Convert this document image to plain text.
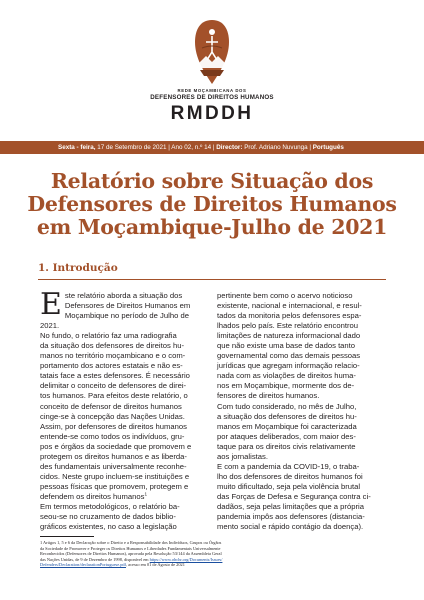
REDE MOÇAMBICANA DOS
DEFENSORES DE DIREITOS HUMANOS
RMDDH
Sexta - feira, 17 de Setembro de 2021 | Ano 02, n.º 14 | Director: Prof. Adriano Nuvunga | Português
Relatório sobre Situação dos
Defensores de Direitos Humanos
em Moçambique-Julho de 2021
1. Introdução
Este relatório aborda a situação dos
Defensores de Direitos Humanos em
Moçambique no período de Julho de
2021.
No fundo, o relatório faz uma radiografia
da situação dos defensores de direitos hu-
manos no território moçambicano e o com-
portamento dos actores estatais e não es-
tatais face a estes defensores. É necessário
delimitar o conceito de defensores de direi-
tos humanos. Para efeitos deste relatório, o
conceito de defensor de direitos humanos
cinge-se à concepção das Nações Unidas.
Assim, por defensores de direitos humanos
entende-se como todos os indivíduos, gru-
pos e órgãos da sociedade que promovem e
protegem os direitos humanos e as liberda-
des fundamentais universalmente reconhe-
cidos. Neste grupo incluem-se instituições e
pessoas físicas que promovem, protegem e
defendem os direitos humanos$^1$
Em termos metodológicos, o relatório ba-
seou-se no cruzamento de dados biblio-
gráficos existentes, no caso a legislação
pertinente bem como o acervo noticioso
existente, nacional e internacional, e resul-
tados da monitoria pelos defensores espa-
lhados pelo país. Este relatório encontrou
limitações de natureza informacional dado
que não existe uma base de dados tanto
governamental como das demais pessoas
jurídicas que agregam informação relacio-
nada com as violações de direitos huma-
nos em Moçambique, mormente dos de-
fensores de direitos humanos.
Com tudo considerado, no mês de Julho,
a situação dos defensores de direitos hu-
manos em Moçambique foi caracterizada
por ataques deliberados, com maior des-
taque para os direitos civis relativamente
aos jornalistas.
E com a pandemia da COVID-19, o traba-
lho dos defensores de direitos humanos foi
muito dificultado, seja pela violência brutal
das Forças de Defesa e Segurança contra ci-
dadãos, seja pelas limitações que a própria
pandemia impôs aos defensores (distancia-
mento social e rápido contágio da doença).
1 Artigos 1, 5 e 6 da Declaração sobre o Direito e a Responsabilidade dos Indivíduos, Grupos ou Órgãos
da Sociedade de Promover e Proteger os Direitos Humanos e Liberdades Fundamentais Universalmente
Reconhecidos (Defensores de Direitos Humanos), aprovada pela Resolução 53/144 da Assembleia Geral
das Nações Unidas, de 9 de Dezembro de 1998, disponível em https://www.ohchr.org/Documents/Issues/
Defenders/Declaration/declarationPortuguese.pdf, acesso em 01 de Agosto de 2021
